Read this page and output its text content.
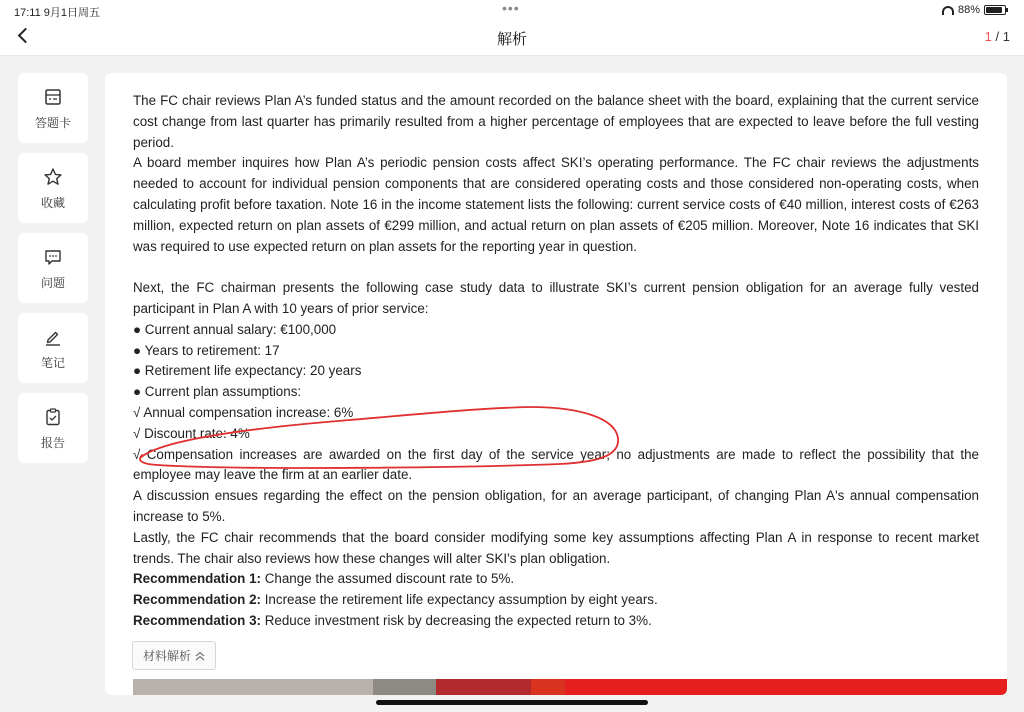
17:11 9月1日周五	•••	88%
解析	1 / 1
答题卡
收藏
问题
笔记
报告

The FC chair reviews Plan A’s funded status and the amount recorded on the balance sheet with the board, explaining that the current service cost change from last quarter has primarily resulted from a higher percentage of employees that are expected to leave before the full vesting period.

A board member inquires how Plan A’s periodic pension costs affect SKI’s operating performance. The FC chair reviews the adjustments needed to account for individual pension components that are considered operating costs and those considered non-operating costs, when calculating profit before taxation. Note 16 in the income statement lists the following: current service costs of €40 million, interest costs of €263 million, expected return on plan assets of €299 million, and actual return on plan assets of €205 million. Moreover, Note 16 indicates that SKI was required to use expected return on plan assets for the reporting year in question.

Next, the FC chairman presents the following case study data to illustrate SKI’s current pension obligation for an average fully vested participant in Plan A with 10 years of prior service:

● Current annual salary: €100,000

● Years to retirement: 17

● Retirement life expectancy: 20 years

● Current plan assumptions:

√ Annual compensation increase: 6%

√ Discount rate: 4%

√ Compensation increases are awarded on the first day of the service year; no adjustments are made to reflect the possibility that the employee may leave the firm at an earlier date.

A discussion ensues regarding the effect on the pension obligation, for an average participant, of changing Plan A's annual compensation increase to 5%.

Lastly, the FC chair recommends that the board consider modifying some key assumptions affecting Plan A in response to recent market trends. The chair also reviews how these changes will alter SKI's plan obligation.

Recommendation 1: Change the assumed discount rate to 5%.

Recommendation 2: Increase the retirement life expectancy assumption by eight years.

Recommendation 3: Reduce investment risk by decreasing the expected return to 3%.

材料解析
